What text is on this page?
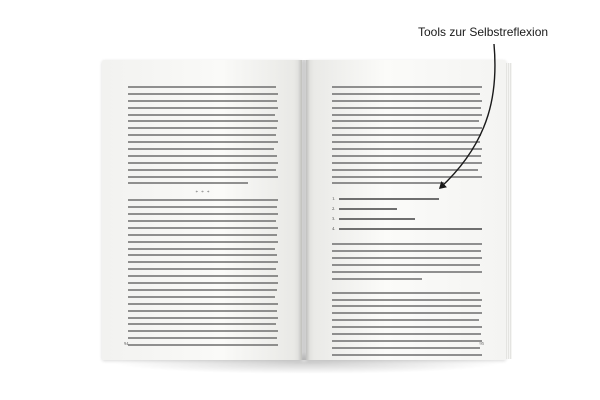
* * *
94
1.
2.
3.
4.
95
Tools zur Selbstreflexion
